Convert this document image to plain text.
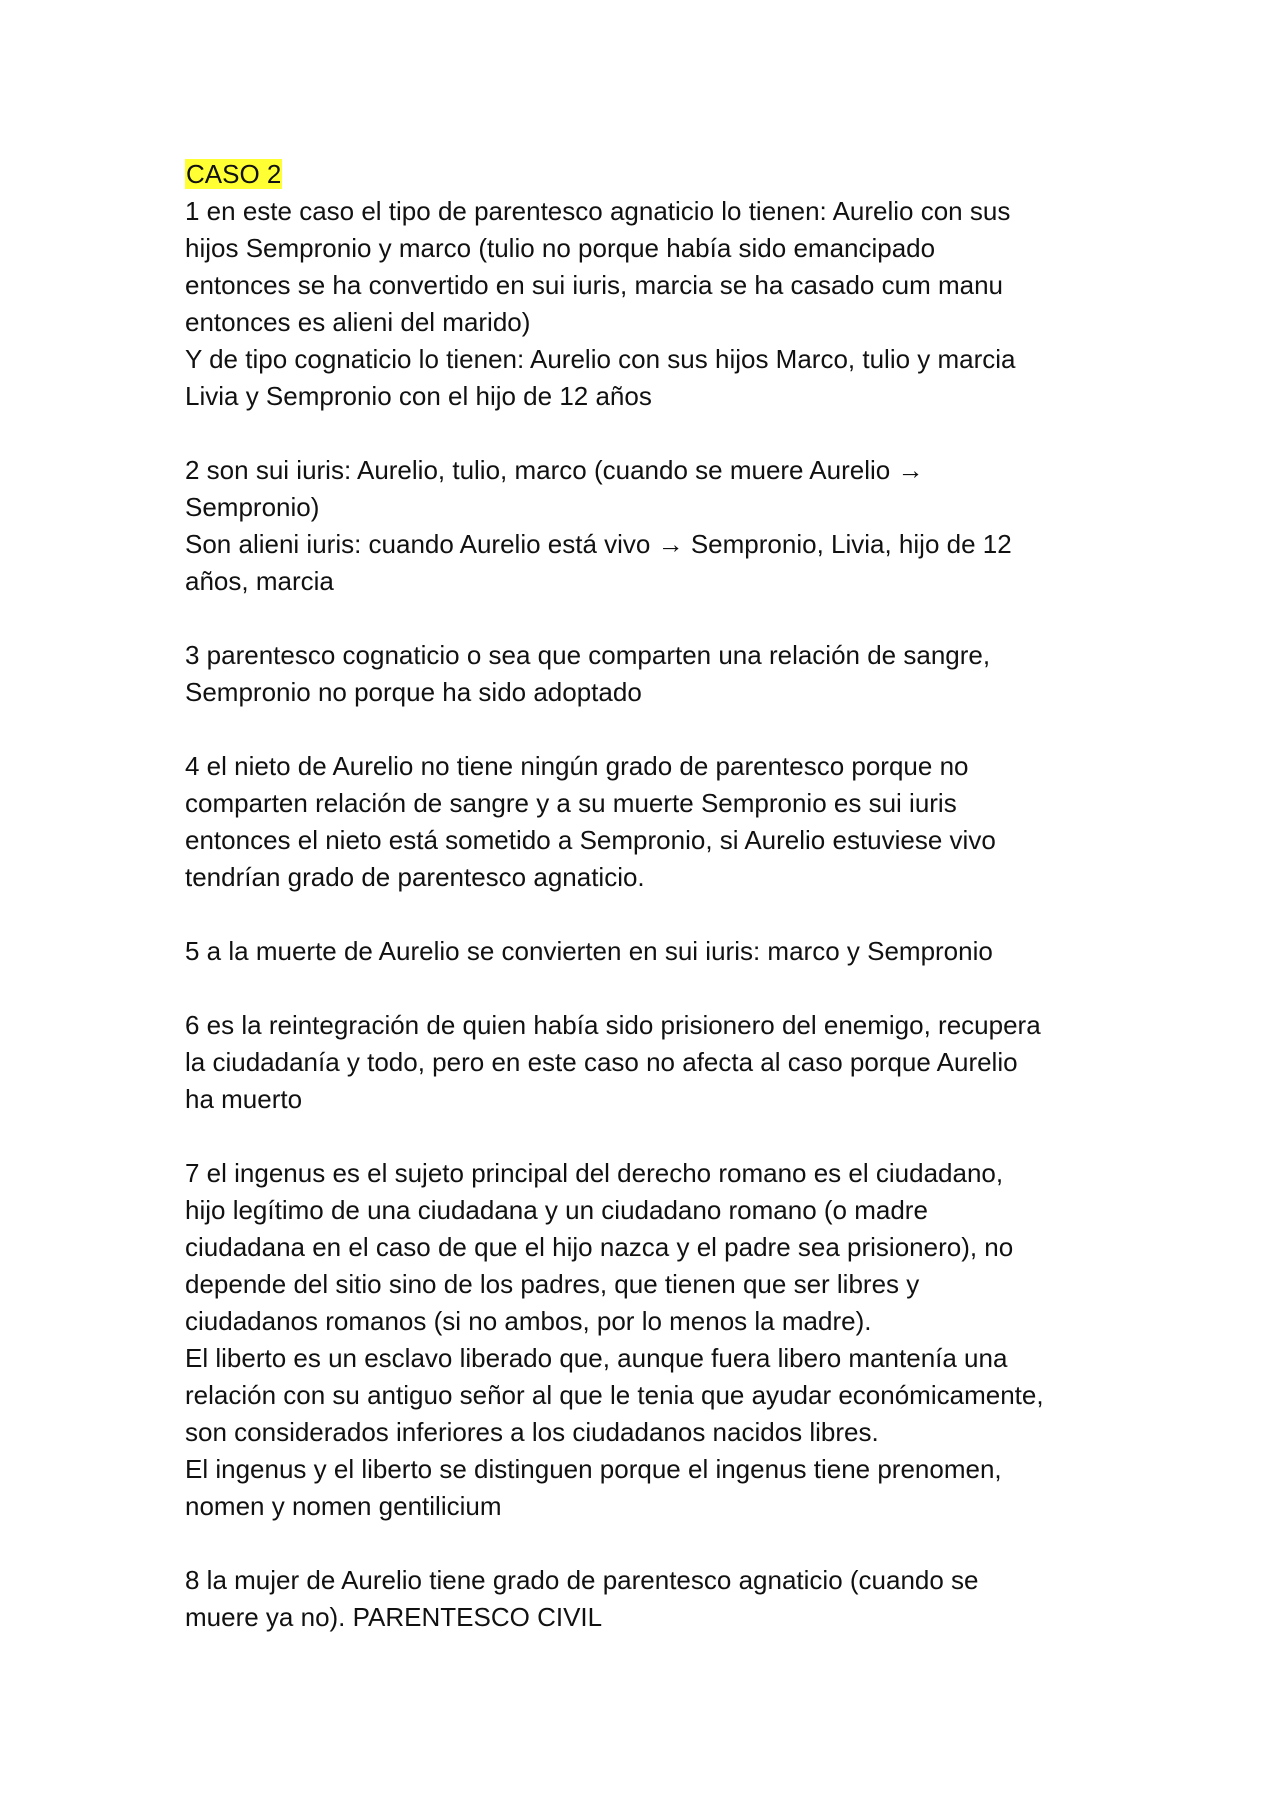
CASO 2
1 en este caso el tipo de parentesco agnaticio lo tienen: Aurelio con sus
hijos Sempronio y marco (tulio no porque había sido emancipado
entonces se ha convertido en sui iuris, marcia se ha casado cum manu
entonces es alieni del marido)
Y de tipo cognaticio lo tienen: Aurelio con sus hijos Marco, tulio y marcia
Livia y Sempronio con el hijo de 12 años
2 son sui iuris: Aurelio, tulio, marco (cuando se muere Aurelio →
Sempronio)
Son alieni iuris: cuando Aurelio está vivo → Sempronio, Livia, hijo de 12
años, marcia
3 parentesco cognaticio o sea que comparten una relación de sangre,
Sempronio no porque ha sido adoptado
4 el nieto de Aurelio no tiene ningún grado de parentesco porque no
comparten relación de sangre y a su muerte Sempronio es sui iuris
entonces el nieto está sometido a Sempronio, si Aurelio estuviese vivo
tendrían grado de parentesco agnaticio.
5 a la muerte de Aurelio se convierten en sui iuris: marco y Sempronio
6 es la reintegración de quien había sido prisionero del enemigo, recupera
la ciudadanía y todo, pero en este caso no afecta al caso porque Aurelio
ha muerto
7 el ingenus es el sujeto principal del derecho romano es el ciudadano,
hijo legítimo de una ciudadana y un ciudadano romano (o madre
ciudadana en el caso de que el hijo nazca y el padre sea prisionero), no
depende del sitio sino de los padres, que tienen que ser libres y
ciudadanos romanos (si no ambos, por lo menos la madre).
El liberto es un esclavo liberado que, aunque fuera libero mantenía una
relación con su antiguo señor al que le tenia que ayudar económicamente,
son considerados inferiores a los ciudadanos nacidos libres.
El ingenus y el liberto se distinguen porque el ingenus tiene prenomen,
nomen y nomen gentilicium
8 la mujer de Aurelio tiene grado de parentesco agnaticio (cuando se
muere ya no). PARENTESCO CIVIL
